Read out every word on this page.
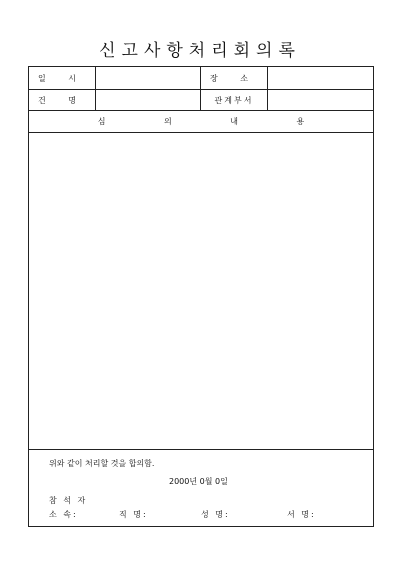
신고사항처리회의록
일 시	장 소
건 명	관계부서
심 의 내 용
위와 같이 처리할 것을 합의함.
2000년 0월 0일
참 석 자
소 속:	직 명:	성 명:	서 명:
